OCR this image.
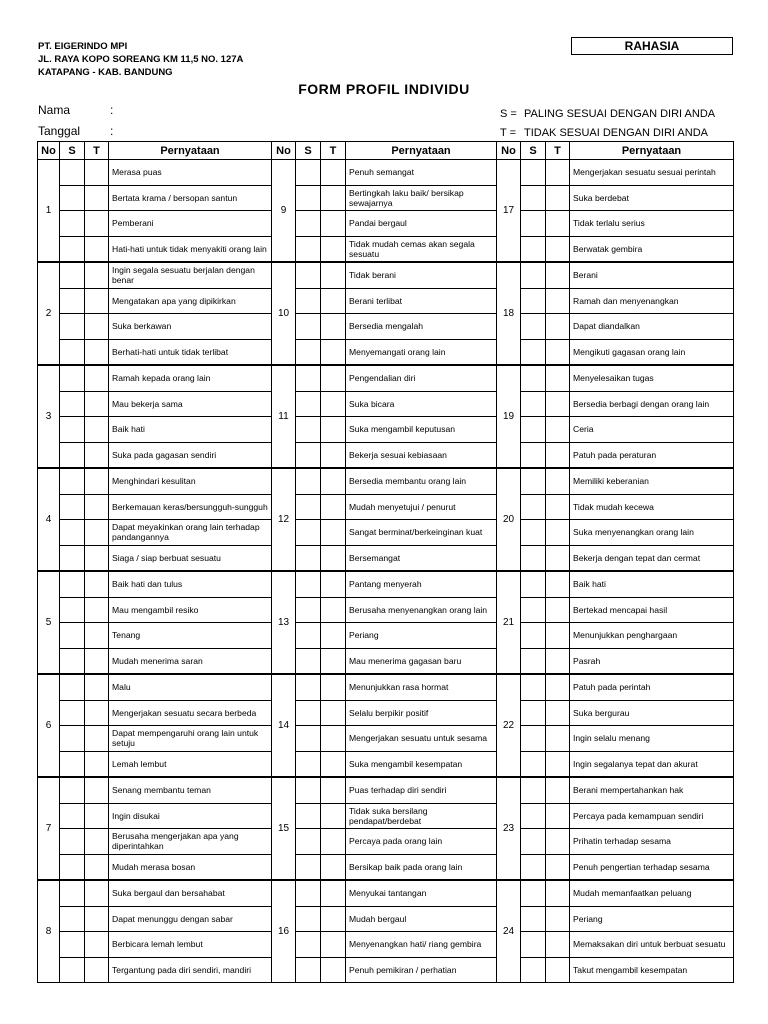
PT. EIGERINDO MPI
JL. RAYA KOPO SOREANG KM 11,5 NO. 127A
KATAPANG - KAB. BANDUNG
RAHASIA
FORM PROFIL INDIVIDU
Nama	:
Tanggal :
S = PALING SESUAI DENGAN DIRI ANDA
T = TIDAK SESUAI DENGAN DIRI ANDA
No	S	T	Pernyataan	No	S	T	Pernyataan	No	S	T	Pernyataan
1			Merasa puas	9			Penuh semangat	17			Mengerjakan sesuatu sesuai perintah
			Bertata krama / bersopan santun				Bertingkah laku baik/ bersikap sewajarnya				Suka berdebat
			Pemberani				Pandai bergaul				Tidak terlalu serius
			Hati-hati untuk tidak menyakiti orang lain				Tidak mudah cemas akan segala sesuatu				Berwatak gembira
2			Ingin segala sesuatu berjalan dengan benar	10			Tidak berani	18			Berani
			Mengatakan apa yang dipikirkan				Berani terlibat				Ramah dan menyenangkan
			Suka berkawan				Bersedia mengalah				Dapat diandalkan
			Berhati-hati untuk tidak terlibat				Menyemangati orang lain				Mengikuti gagasan orang lain
3			Ramah kepada orang lain	11			Pengendalian diri	19			Menyelesaikan tugas
			Mau bekerja sama				Suka bicara				Bersedia berbagi dengan orang lain
			Baik hati				Suka mengambil keputusan				Ceria
			Suka pada gagasan sendiri				Bekerja sesuai kebiasaan				Patuh pada peraturan
4			Menghindari kesulitan	12			Bersedia membantu orang lain	20			Memiliki keberanian
			Berkemauan keras/bersungguh-sungguh				Mudah menyetujui / penurut				Tidak mudah kecewa
			Dapat meyakinkan orang lain terhadap pandangannya				Sangat berminat/berkeinginan kuat				Suka menyenangkan orang lain
			Siaga / siap berbuat sesuatu				Bersemangat				Bekerja dengan tepat dan cermat
5			Baik hati dan tulus	13			Pantang menyerah	21			Baik hati
			Mau mengambil resiko				Berusaha menyenangkan orang lain				Bertekad mencapai hasil
			Tenang				Periang				Menunjukkan penghargaan
			Mudah menerima saran				Mau menerima gagasan baru				Pasrah
6			Malu	14			Menunjukkan rasa hormat	22			Patuh pada perintah
			Mengerjakan sesuatu secara berbeda				Selalu berpikir positif				Suka bergurau
			Dapat mempengaruhi orang lain untuk setuju				Mengerjakan sesuatu untuk sesama				Ingin selalu menang
			Lemah lembut				Suka mengambil kesempatan				Ingin segalanya tepat dan akurat
7			Senang membantu teman	15			Puas terhadap diri sendiri	23			Berani mempertahankan hak
			Ingin disukai				Tidak suka bersilang pendapat/berdebat				Percaya pada kemampuan sendiri
			Berusaha mengerjakan apa yang diperintahkan				Percaya pada orang lain				Prihatin terhadap sesama
			Mudah merasa bosan				Bersikap baik pada orang lain				Penuh pengertian terhadap sesama
8			Suka bergaul dan bersahabat	16			Menyukai tantangan	24			Mudah memanfaatkan peluang
			Dapat menunggu dengan sabar				Mudah bergaul				Periang
			Berbicara lemah lembut				Menyenangkan hati/ riang gembira				Memaksakan diri untuk berbuat sesuatu
			Tergantung pada diri sendiri, mandiri				Penuh pemikiran / perhatian				Takut mengambil kesempatan
